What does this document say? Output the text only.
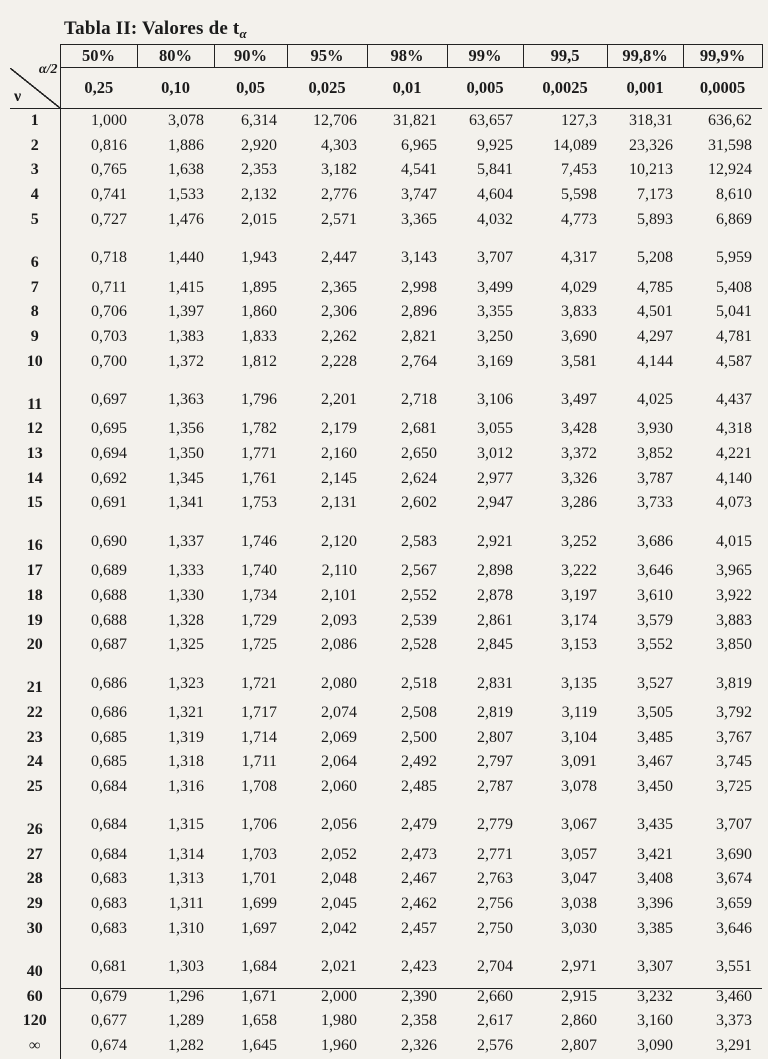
Tabla II: Valores de $t_\alpha$
	50%	80%	90%	95%	98%	99%	99,5	99,8%	99,9%

α/2
ν	0,25	0,10	0,05	0,025	0,01	0,005	0,0025	0,001	0,0005
1	1,000	3,078	6,314	12,706	31,821	63,657	127,3	318,31	636,62
2	0,816	1,886	2,920	4,303	6,965	9,925	14,089	23,326	31,598
3	0,765	1,638	2,353	3,182	4,541	5,841	7,453	10,213	12,924
4	0,741	1,533	2,132	2,776	3,747	4,604	5,598	7,173	8,610
5	0,727	1,476	2,015	2,571	3,365	4,032	4,773	5,893	6,869
6	0,718	1,440	1,943	2,447	3,143	3,707	4,317	5,208	5,959
7	0,711	1,415	1,895	2,365	2,998	3,499	4,029	4,785	5,408
8	0,706	1,397	1,860	2,306	2,896	3,355	3,833	4,501	5,041
9	0,703	1,383	1,833	2,262	2,821	3,250	3,690	4,297	4,781
10	0,700	1,372	1,812	2,228	2,764	3,169	3,581	4,144	4,587
11	0,697	1,363	1,796	2,201	2,718	3,106	3,497	4,025	4,437
12	0,695	1,356	1,782	2,179	2,681	3,055	3,428	3,930	4,318
13	0,694	1,350	1,771	2,160	2,650	3,012	3,372	3,852	4,221
14	0,692	1,345	1,761	2,145	2,624	2,977	3,326	3,787	4,140
15	0,691	1,341	1,753	2,131	2,602	2,947	3,286	3,733	4,073
16	0,690	1,337	1,746	2,120	2,583	2,921	3,252	3,686	4,015
17	0,689	1,333	1,740	2,110	2,567	2,898	3,222	3,646	3,965
18	0,688	1,330	1,734	2,101	2,552	2,878	3,197	3,610	3,922
19	0,688	1,328	1,729	2,093	2,539	2,861	3,174	3,579	3,883
20	0,687	1,325	1,725	2,086	2,528	2,845	3,153	3,552	3,850
21	0,686	1,323	1,721	2,080	2,518	2,831	3,135	3,527	3,819
22	0,686	1,321	1,717	2,074	2,508	2,819	3,119	3,505	3,792
23	0,685	1,319	1,714	2,069	2,500	2,807	3,104	3,485	3,767
24	0,685	1,318	1,711	2,064	2,492	2,797	3,091	3,467	3,745
25	0,684	1,316	1,708	2,060	2,485	2,787	3,078	3,450	3,725
26	0,684	1,315	1,706	2,056	2,479	2,779	3,067	3,435	3,707
27	0,684	1,314	1,703	2,052	2,473	2,771	3,057	3,421	3,690
28	0,683	1,313	1,701	2,048	2,467	2,763	3,047	3,408	3,674
29	0,683	1,311	1,699	2,045	2,462	2,756	3,038	3,396	3,659
30	0,683	1,310	1,697	2,042	2,457	2,750	3,030	3,385	3,646
40	0,681	1,303	1,684	2,021	2,423	2,704	2,971	3,307	3,551
60	0,679	1,296	1,671	2,000	2,390	2,660	2,915	3,232	3,460
120	0,677	1,289	1,658	1,980	2,358	2,617	2,860	3,160	3,373
∞	0,674	1,282	1,645	1,960	2,326	2,576	2,807	3,090	3,291
